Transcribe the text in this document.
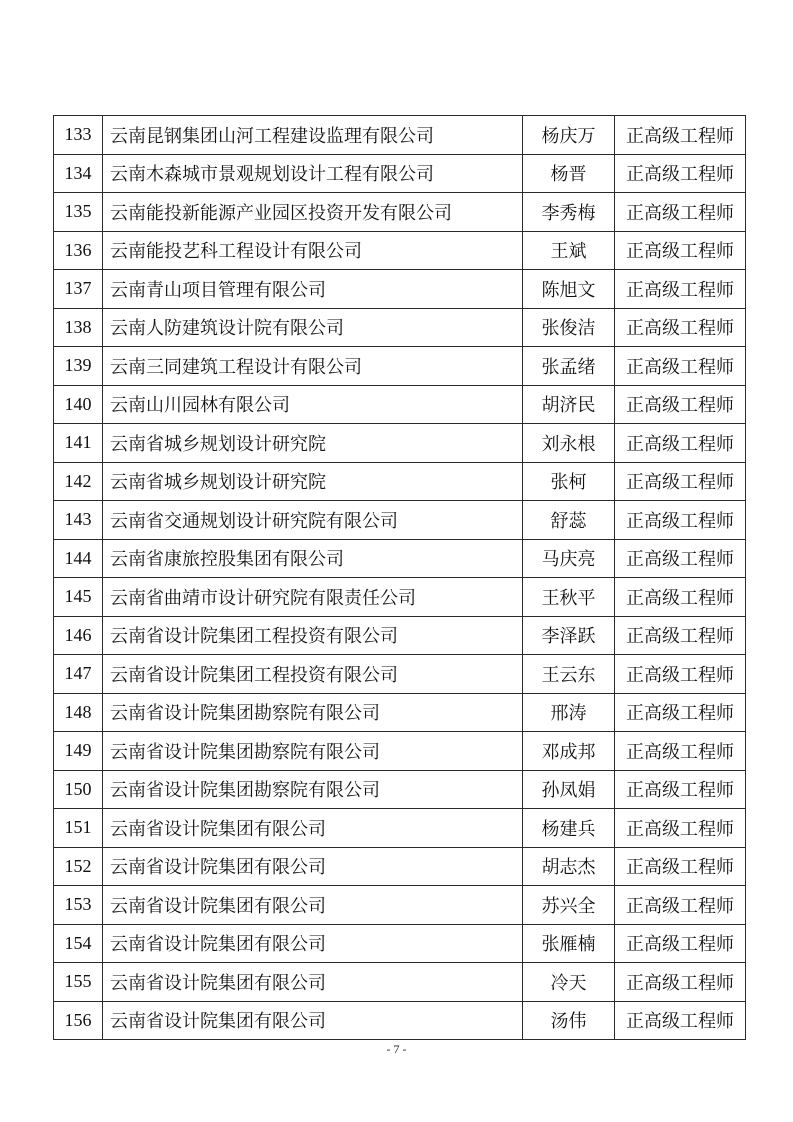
133	云南昆钢集团山河工程建设监理有限公司	杨庆万	正高级工程师
134	云南木森城市景观规划设计工程有限公司	杨晋	正高级工程师
135	云南能投新能源产业园区投资开发有限公司	李秀梅	正高级工程师
136	云南能投艺科工程设计有限公司	王斌	正高级工程师
137	云南青山项目管理有限公司	陈旭文	正高级工程师
138	云南人防建筑设计院有限公司	张俊洁	正高级工程师
139	云南三同建筑工程设计有限公司	张孟绪	正高级工程师
140	云南山川园林有限公司	胡济民	正高级工程师
141	云南省城乡规划设计研究院	刘永根	正高级工程师
142	云南省城乡规划设计研究院	张柯	正高级工程师
143	云南省交通规划设计研究院有限公司	舒蕊	正高级工程师
144	云南省康旅控股集团有限公司	马庆亮	正高级工程师
145	云南省曲靖市设计研究院有限责任公司	王秋平	正高级工程师
146	云南省设计院集团工程投资有限公司	李泽跃	正高级工程师
147	云南省设计院集团工程投资有限公司	王云东	正高级工程师
148	云南省设计院集团勘察院有限公司	邢涛	正高级工程师
149	云南省设计院集团勘察院有限公司	邓成邦	正高级工程师
150	云南省设计院集团勘察院有限公司	孙凤娟	正高级工程师
151	云南省设计院集团有限公司	杨建兵	正高级工程师
152	云南省设计院集团有限公司	胡志杰	正高级工程师
153	云南省设计院集团有限公司	苏兴全	正高级工程师
154	云南省设计院集团有限公司	张雁楠	正高级工程师
155	云南省设计院集团有限公司	冷天	正高级工程师
156	云南省设计院集团有限公司	汤伟	正高级工程师
- 7 -
